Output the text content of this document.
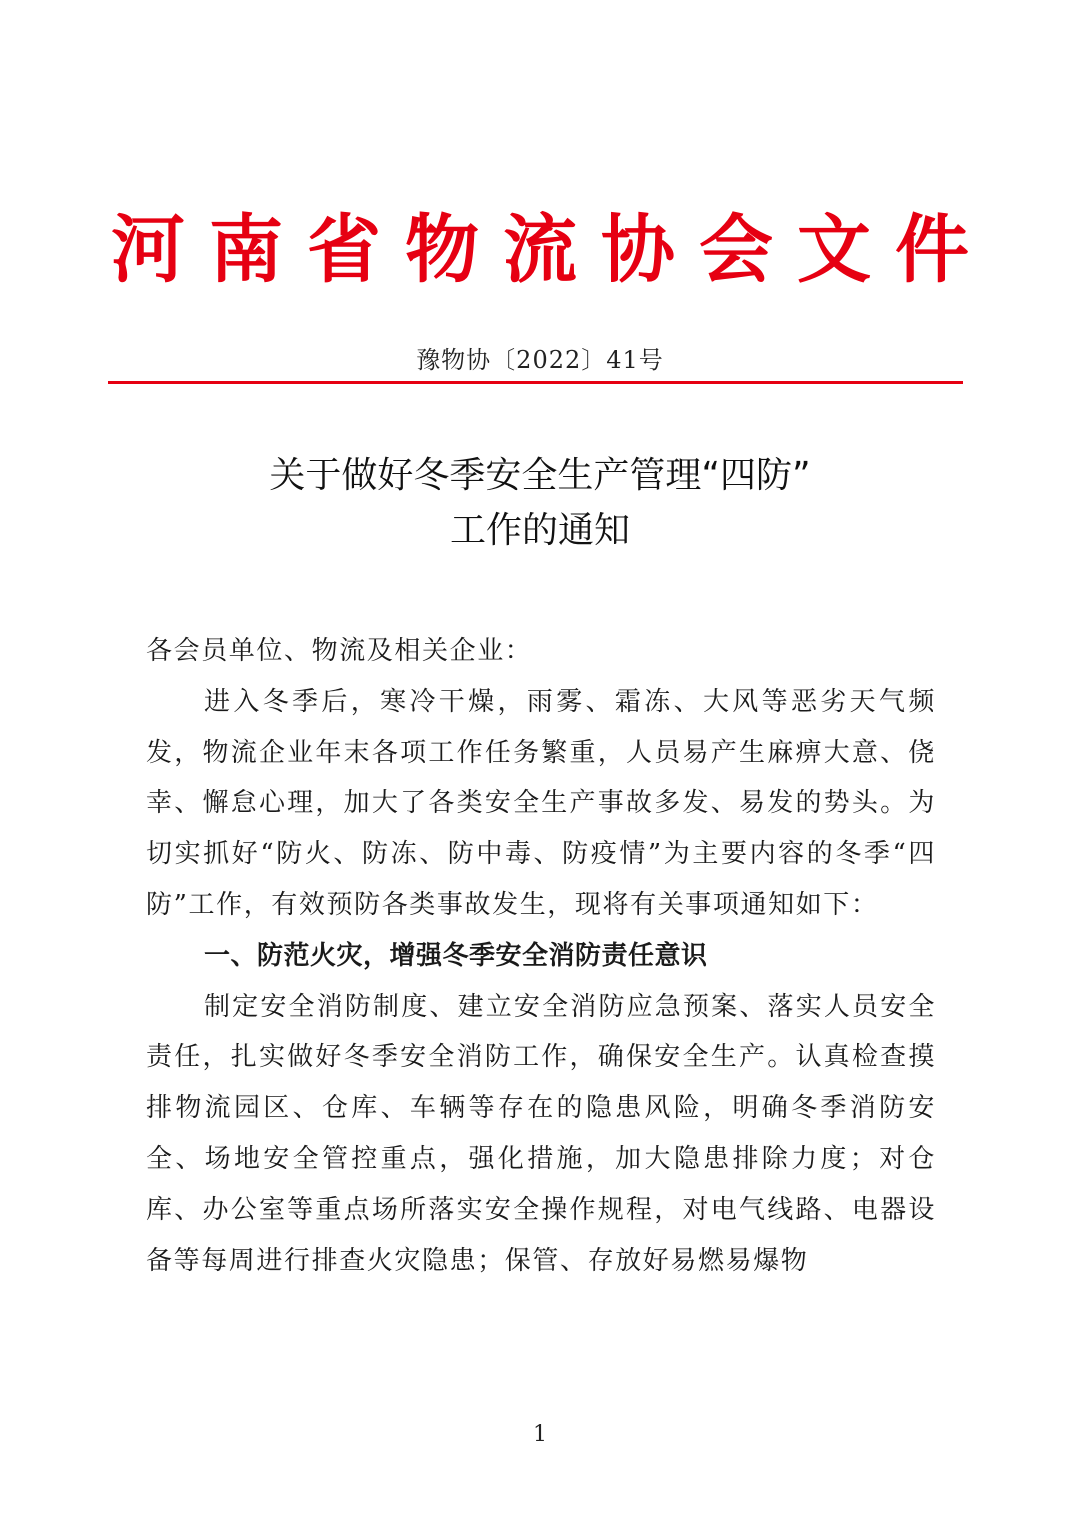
河南省物流协会文件
豫物协〔2022〕41号
关于做好冬季安全生产管理“四防”
工作的通知

各会员单位、物流及相关企业：

进入冬季后，寒冷干燥，雨雾、霜冻、大风等恶劣天气频发，物流企业年末各项工作任务繁重，人员易产生麻痹大意、侥幸、懈怠心理，加大了各类安全生产事故多发、易发的势头。为切实抓好“防火、防冻、防中毒、防疫情”为主要内容的冬季“四防”工作，有效预防各类事故发生，现将有关事项通知如下：

一、防范火灾，增强冬季安全消防责任意识

制定安全消防制度、建立安全消防应急预案、落实人员安全责任，扎实做好冬季安全消防工作，确保安全生产。认真检查摸排物流园区、仓库、车辆等存在的隐患风险，明确冬季消防安全、场地安全管控重点，强化措施，加大隐患排除力度；对仓库、办公室等重点场所落实安全操作规程，对电气线路、电器设备等每周进行排查火灾隐患；保管、存放好易燃易爆物

1
